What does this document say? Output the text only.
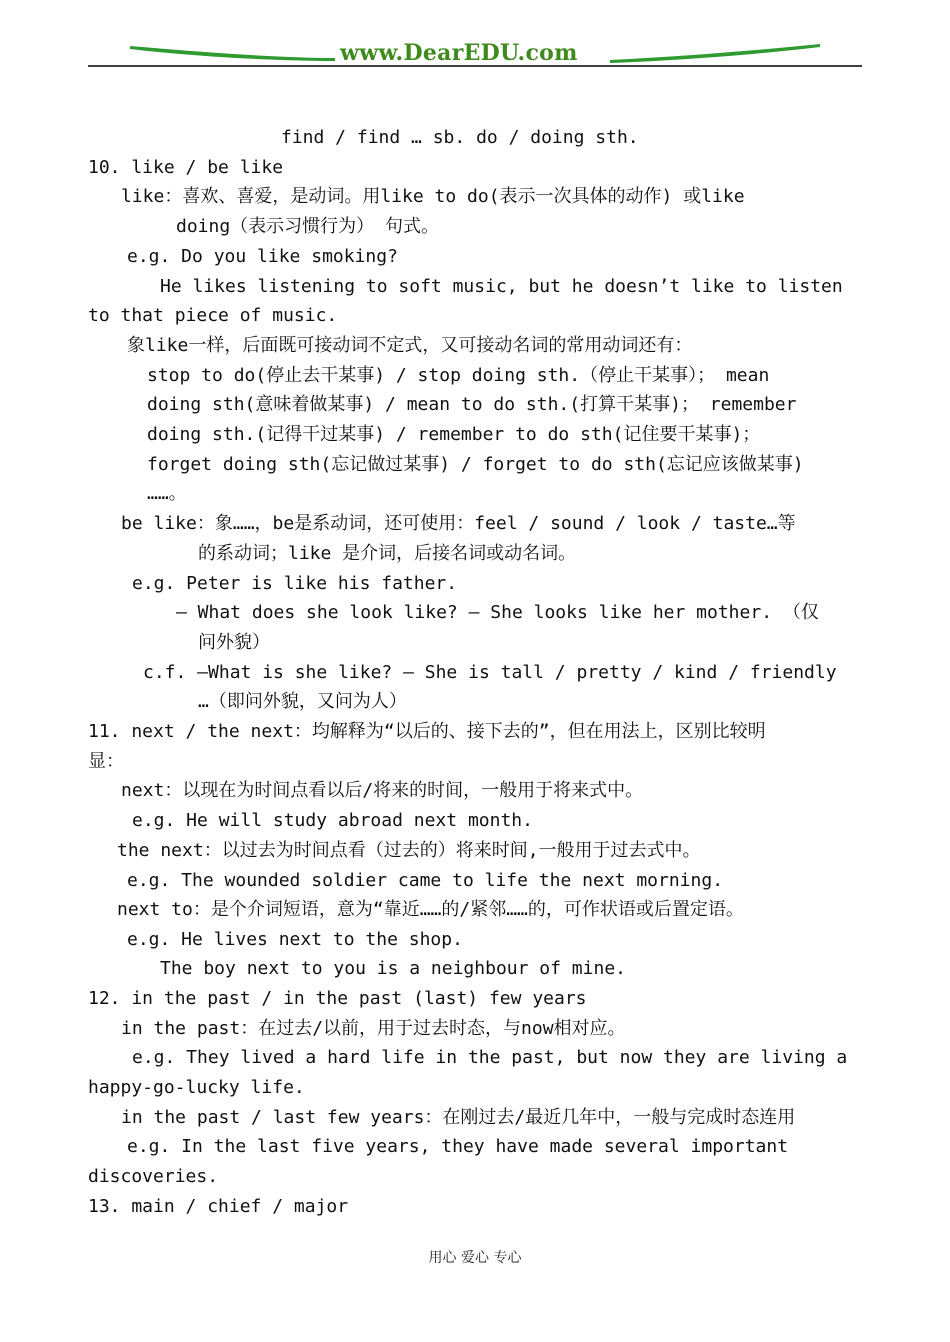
www.DearEDU.com
find / find … sb. do / doing sth.
10. like / be like
like：喜欢、喜爱，是动词。用like to do(表示一次具体的动作) 或like
doing（表示习惯行为） 句式。
e.g. Do you like smoking?
He likes listening to soft music, but he doesn’t like to listen
to that piece of music.
象like一样，后面既可接动词不定式，又可接动名词的常用动词还有：
stop to do(停止去干某事) / stop doing sth.（停止干某事）； mean
doing sth(意味着做某事) / mean to do sth.(打算干某事)； remember
doing sth.(记得干过某事) / remember to do sth(记住要干某事)；
forget doing sth(忘记做过某事) / forget to do sth(忘记应该做某事)
……。
be like：象……，be是系动词，还可使用：feel / sound / look / taste…等
的系动词；like 是介词，后接名词或动名词。
e.g. Peter is like his father.
— What does she look like? — She looks like her mother. （仅
问外貌）
c.f. —What is she like? — She is tall / pretty / kind / friendly
…（即问外貌，又问为人）
11. next / the next：均解释为“以后的、接下去的”，但在用法上，区别比较明
显：
next：以现在为时间点看以后/将来的时间，一般用于将来式中。
e.g. He will study abroad next month.
the next：以过去为时间点看（过去的）将来时间,一般用于过去式中。
e.g. The wounded soldier came to life the next morning.
next to：是个介词短语，意为“靠近……的/紧邻……的，可作状语或后置定语。
e.g. He lives next to the shop.
The boy next to you is a neighbour of mine.
12. in the past / in the past (last) few years
in the past：在过去/以前，用于过去时态，与now相对应。
e.g. They lived a hard life in the past, but now they are living a
happy-go-lucky life.
in the past / last few years：在刚过去/最近几年中，一般与完成时态连用
e.g. In the last five years, they have made several important
discoveries.
13. main / chief / major
用心 爱心 专心
